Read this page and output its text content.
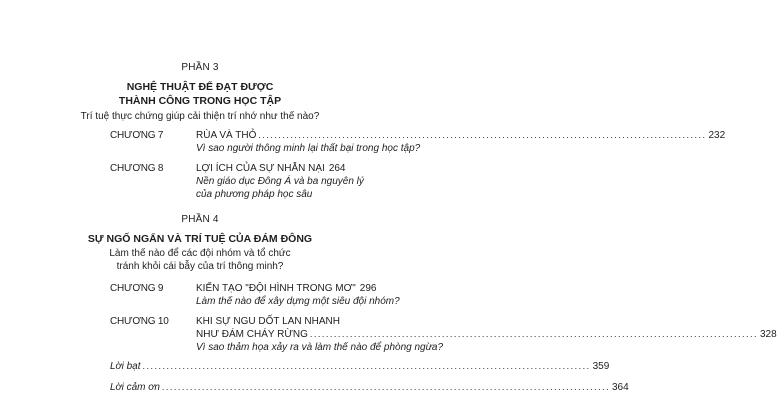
PHẦN 3
NGHỆ THUẬT ĐỂ ĐẠT ĐƯỢC
THÀNH CÔNG TRONG HỌC TẬP
Trí tuệ thực chứng giúp cải thiện trí nhớ như thế nào?
CHƯƠNG 7	RÙA VÀ THỎ ................................................................................................................ 232
Vì sao người thông minh lại thất bại trong học tập?
CHƯƠNG 8	LỢI ÍCH CỦA SỰ NHẪN NẠI 264
Nền giáo dục Đông Á và ba nguyên lý
của phương pháp học sâu
PHẦN 4
SỰ NGỐ NGẨN VÀ TRÍ TUỆ CỦA ĐÁM ĐÔNG
Làm thế nào để các đội nhóm và tổ chức
tránh khỏi cái bẫy của trí thông minh?
CHƯƠNG 9	KIẾN TẠO "ĐỘI HÌNH TRONG MƠ" 296
Làm thế nào để xây dựng một siêu đội nhóm?
CHƯƠNG 10	KHI SỰ NGU DỐT LAN NHANH
NHƯ ĐÁM CHÁY RỪNG ................................................................................................................ 328
Vì sao thảm họa xảy ra và làm thế nào để phòng ngừa?
Lời bạt ................................................................................................................ 359
Lời cảm ơn ................................................................................................................ 364
